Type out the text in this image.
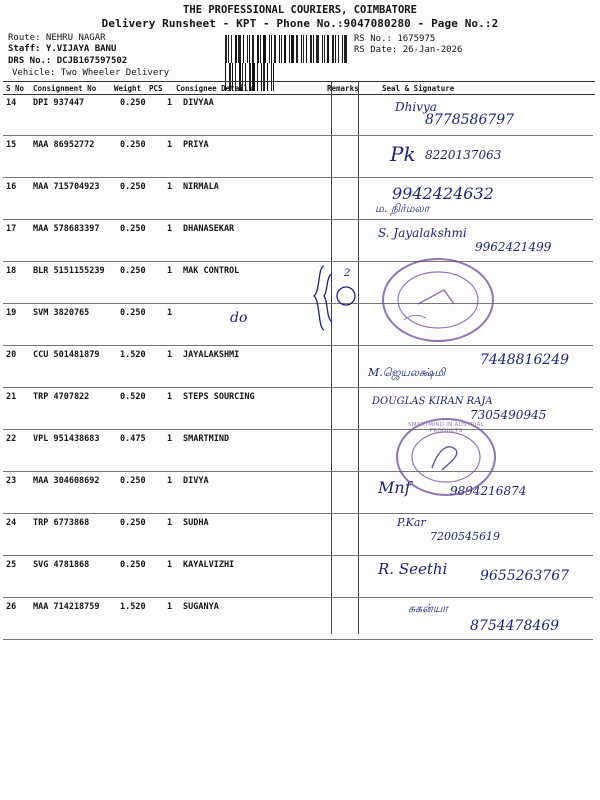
THE PROFESSIONAL COURIERS, COIMBATORE
Delivery Runsheet - KPT - Phone No.:9047080280 - Page No.:2
Route: NEHRU NAGAR
Staff: Y.VIJAYA BANU
DRS No.: DCJB167597502
Vehicle: Two Wheeler Delivery
RS No.: 1675975
RS Date: 26-Jan-2026
S No Consignment No Weight PCS Consignee Details	Remarks	Seal & Signature
14 DPI 937447	0.250	1 DIVYAA	Dhivya
8778586797
15 MAA 86952772	0.250	1 PRIYA	Pk 8220137063
16 MAA 715704923 0.250	1 NIRMALA	9942424632
ம. நிர்மலா
17 MAA 578683397 0.250	1 DHANASEKAR	S. Jayalakshmi
9962421499
18 BLR 5151155239 0.250	1 MAK CONTROL	2
19 SVM 3820765	0.250	1	do
20 CCU 501481879 1.520	1 JAYALAKSHMI
M.ஜெயலக்ஷ்மி
7448816249
21 TRP 4707822	0.520	1 STEPS SOURCING	DOUGLAS KIRAN RAJA
7305490945
22 VPL 951438683 0.475	1 SMARTMIND
23 MAA 304608692 0.250	1 DIVYA	Mnf	9894216874
24 TRP 6773868	0.250	1 SUDHA	P.Kar
7200545619
25 SVG 4781868	0.250	1 KAYALVIZHI	R. Seethi 9655263767
26 MAA 714218759 1.520	1 SUGANYA	சுகன்யா
8754478469
SMARTMIND IN AUSTRIAL PRODUCTS
